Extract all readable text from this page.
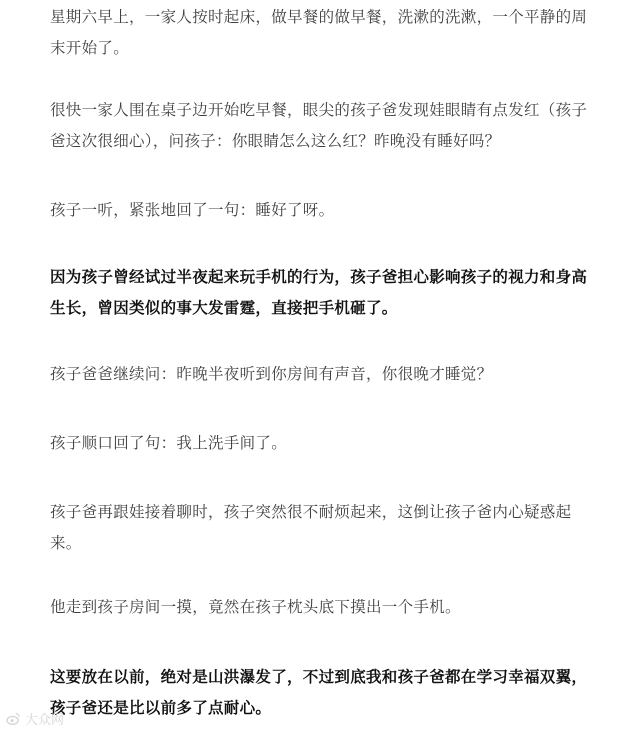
星期六早上，一家人按时起床，做早餐的做早餐，洗漱的洗漱，一个平静的周末开始了。

很快一家人围在桌子边开始吃早餐，眼尖的孩子爸发现娃眼睛有点发红（孩子爸这次很细心），问孩子：你眼睛怎么这么红？昨晚没有睡好吗？

孩子一听，紧张地回了一句：睡好了呀。

因为孩子曾经试过半夜起来玩手机的行为，孩子爸担心影响孩子的视力和身高生长，曾因类似的事大发雷霆，直接把手机砸了。

孩子爸爸继续问：昨晚半夜听到你房间有声音，你很晚才睡觉？

孩子顺口回了句：我上洗手间了。

孩子爸再跟娃接着聊时，孩子突然很不耐烦起来，这倒让孩子爸内心疑惑起来。

他走到孩子房间一摸，竟然在孩子枕头底下摸出一个手机。

这要放在以前，绝对是山洪瀑发了，不过到底我和孩子爸都在学习幸福双翼，孩子爸还是比以前多了点耐心。

大众网
